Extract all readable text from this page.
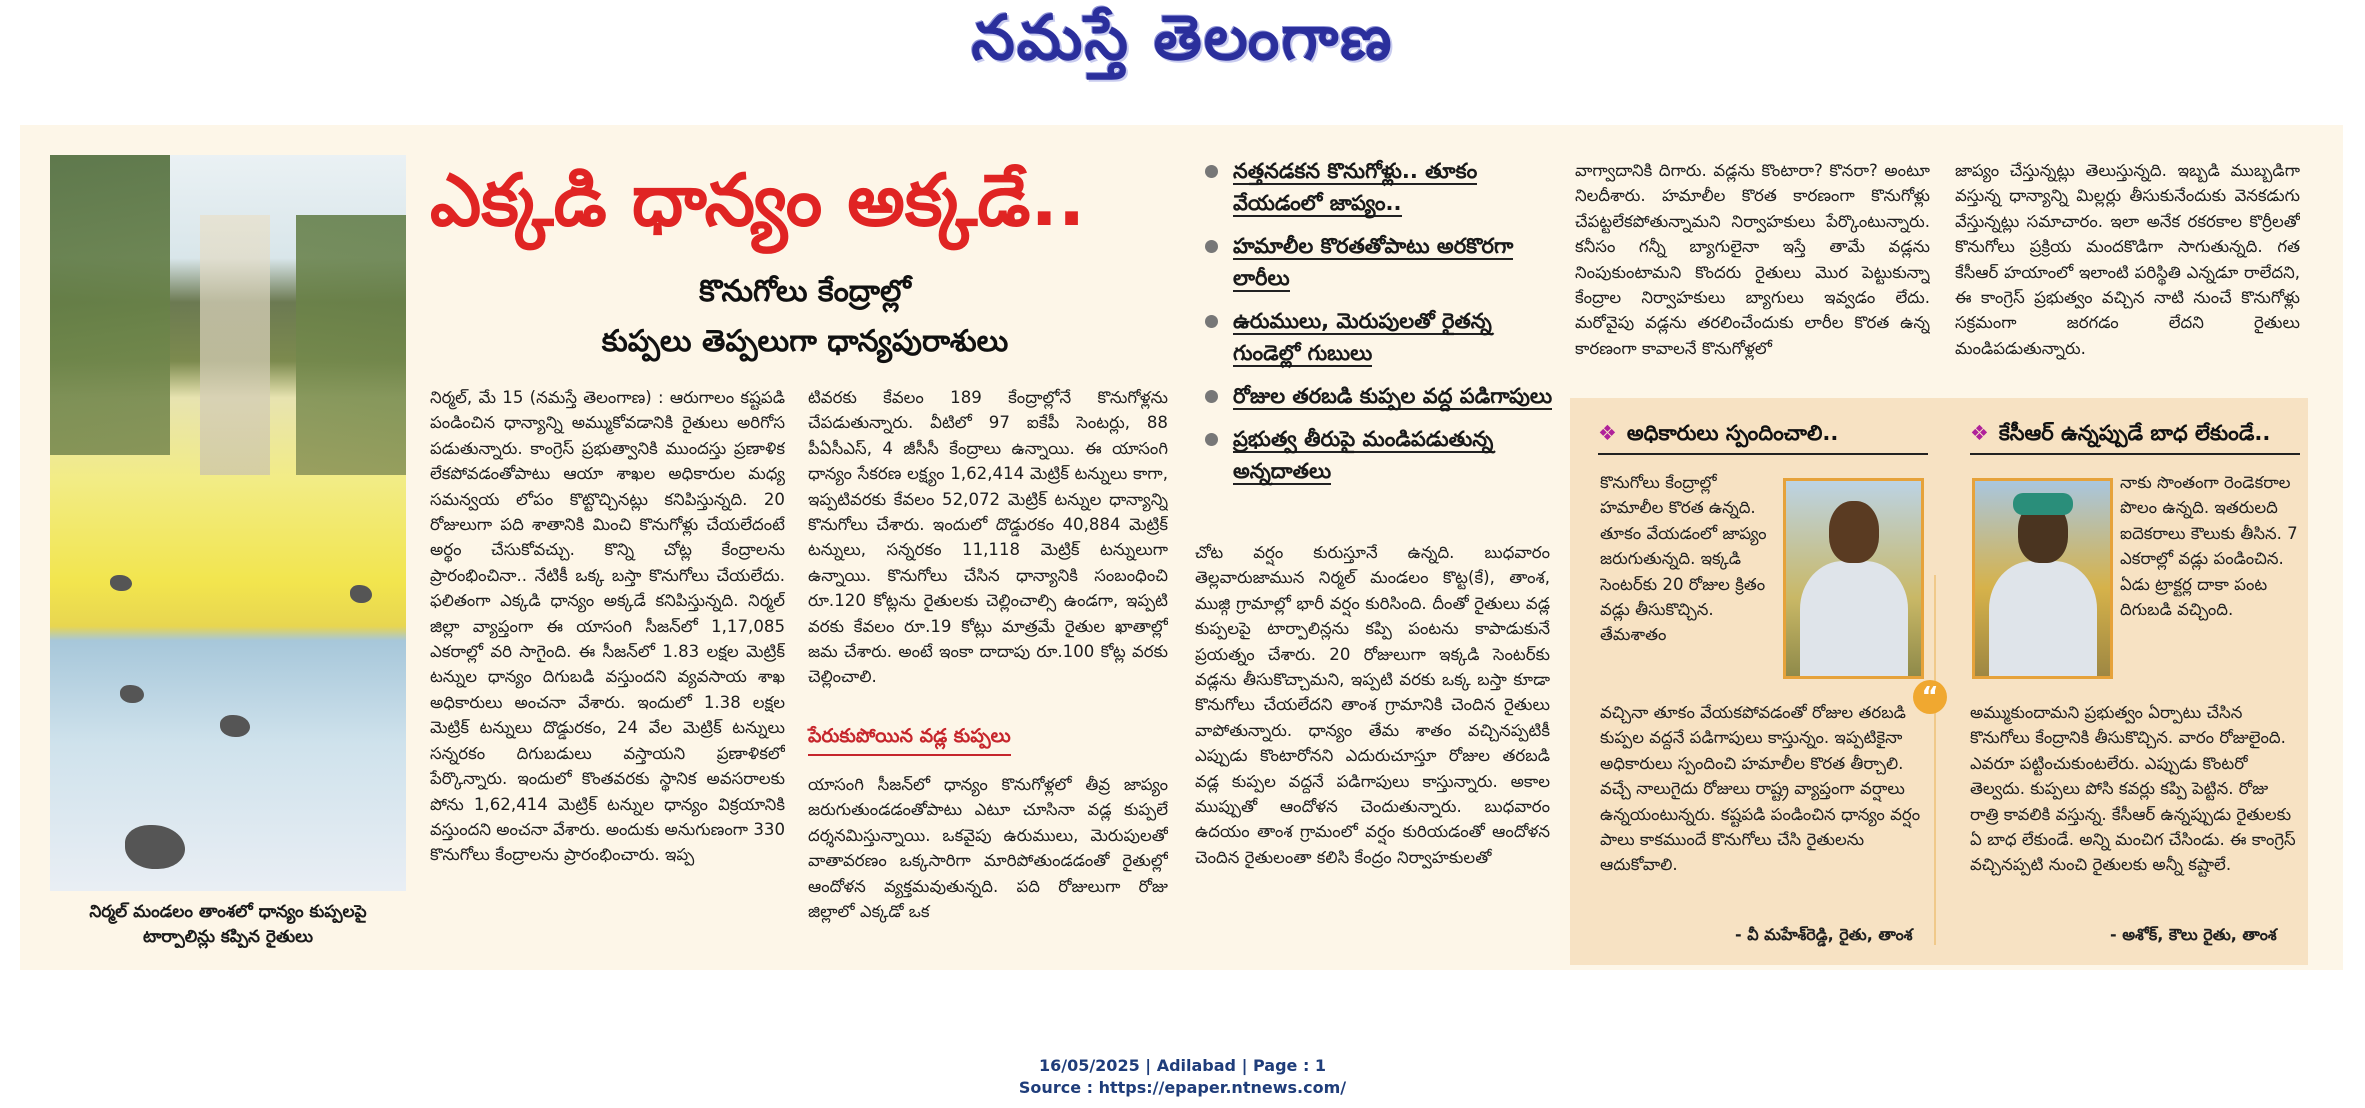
నమస్తే తెలంగాణ
నిర్మల్ మండలం తాంశలో ధాన్యం కుప్పలపై
టార్పాలిన్లు కప్పిన రైతులు
ఎక్కడి ధాన్యం అక్కడే..
కొనుగోలు కేంద్రాల్లో
కుప్పలు తెప్పలుగా ధాన్యపురాశులు

నిర్మల్, మే 15 (నమస్తే తెలంగాణ) : ఆరుగాలం కష్టపడి పండించిన ధాన్యాన్ని అమ్ముకోవడానికి రైతులు అరిగోస పడుతున్నారు. కాంగ్రెస్ ప్రభుత్వానికి ముందస్తు ప్రణాళిక లేకపోవడంతోపాటు ఆయా శాఖల అధికారుల మధ్య సమన్వయ లోపం కొట్టొచ్చినట్లు కనిపిస్తున్నది. 20 రోజులుగా పది శాతానికి మించి కొనుగోళ్లు చేయలేదంటే అర్థం చేసుకోవచ్చు. కొన్ని చోట్ల కేంద్రాలను ప్రారంభించినా.. నేటికీ ఒక్క బస్తా కొనుగోలు చేయలేదు. ఫలితంగా ఎక్కడి ధాన్యం అక్కడే కనిపిస్తున్నది. నిర్మల్ జిల్లా వ్యాప్తంగా ఈ యాసంగి సీజన్‌లో 1,17,085 ఎకరాల్లో వరి సాగైంది. ఈ సీజన్‌లో 1.83 లక్షల మెట్రిక్ టన్నుల ధాన్యం దిగుబడి వస్తుందని వ్యవసాయ శాఖ అధికారులు అంచనా వేశారు. ఇందులో 1.38 లక్షల మెట్రిక్ టన్నులు దొడ్డురకం, 24 వేల మెట్రిక్ టన్నులు సన్నరకం దిగుబడులు వస్తాయని ప్రణాళికలో పేర్కొన్నారు. ఇందులో కొంతవరకు స్థానిక అవసరాలకు పోను 1,62,414 మెట్రిక్ టన్నుల ధాన్యం విక్రయానికి వస్తుందని అంచనా వేశారు. అందుకు అనుగుణంగా 330 కొనుగోలు కేంద్రాలను ప్రారంభించారు. ఇప్ప

టివరకు కేవలం 189 కేంద్రాల్లోనే కొనుగోళ్లను చేపడుతున్నారు. వీటిలో 97 ఐకేపీ సెంటర్లు, 88 పీఏసీఎస్, 4 జీసీసీ కేంద్రాలు ఉన్నాయి. ఈ యాసంగి ధాన్యం సేకరణ లక్ష్యం 1,62,414 మెట్రిక్ టన్నులు కాగా, ఇప్పటివరకు కేవలం 52,072 మెట్రిక్ టన్నుల ధాన్యాన్ని కొనుగోలు చేశారు. ఇందులో దొడ్డురకం 40,884 మెట్రిక్ టన్నులు, సన్నరకం 11,118 మెట్రిక్ టన్నులుగా ఉన్నాయి. కొనుగోలు చేసిన ధాన్యానికి సంబంధించి రూ.120 కోట్లను రైతులకు చెల్లించాల్సి ఉండగా, ఇప్పటి వరకు కేవలం రూ.19 కోట్లు మాత్రమే రైతుల ఖాతాల్లో జమ చేశారు. అంటే ఇంకా దాదాపు రూ.100 కోట్ల వరకు చెల్లించాలి.

పేరుకుపోయిన వడ్ల కుప్పలు

యాసంగి సీజన్‌లో ధాన్యం కొనుగోళ్లలో తీవ్ర జాప్యం జరుగుతుండడంతోపాటు ఎటూ చూసినా వడ్ల కుప్పలే దర్శనమిస్తున్నాయి. ఒకవైపు ఉరుములు, మెరుపులతో వాతావరణం ఒక్కసారిగా మారిపోతుండడంతో రైతుల్లో ఆందోళన వ్యక్తమవుతున్నది. పది రోజులుగా రోజు జిల్లాలో ఎక్కడో ఒక

నత్తనడకన కొనుగోళ్లు.. తూకం వేయడంలో జాప్యం..
హమాలీల కొరతతోపాటు అరకొరగా లారీలు
ఉరుములు, మెరుపులతో రైతన్న గుండెల్లో గుబులు
రోజుల తరబడి కుప్పల వద్ద పడిగాపులు
ప్రభుత్వ తీరుపై మండిపడుతున్న అన్నదాతలు

చోట వర్షం కురుస్తూనే ఉన్నది. బుధవారం తెల్లవారుజామున నిర్మల్ మండలం కొట్ట(కే), తాంశ, ముజ్గి గ్రామాల్లో భారీ వర్షం కురిసింది. దీంతో రైతులు వడ్ల కుప్పలపై టార్పాలిన్లను కప్పి పంటను కాపాడుకునే ప్రయత్నం చేశారు. 20 రోజులుగా ఇక్కడి సెంటర్‌కు వడ్లను తీసుకొచ్చామని, ఇప్పటి వరకు ఒక్క బస్తా కూడా కొనుగోలు చేయలేదని తాంశ గ్రామానికి చెందిన రైతులు వాపోతున్నారు. ధాన్యం తేమ శాతం వచ్చినప్పటికీ ఎప్పుడు కొంటారోనని ఎదురుచూస్తూ రోజుల తరబడి వడ్ల కుప్పల వద్దనే పడిగాపులు కాస్తున్నారు. అకాల ముప్పుతో ఆందోళన చెందుతున్నారు. బుధవారం ఉదయం తాంశ గ్రామంలో వర్షం కురియడంతో ఆందోళన చెందిన రైతులంతా కలిసి కేంద్రం నిర్వాహకులతో

వాగ్వాదానికి దిగారు. వడ్లను కొంటారా? కొనరా? అంటూ నిలదీశారు. హమాలీల కొరత కారణంగా కొనుగోళ్లు చేపట్టలేకపోతున్నామని నిర్వాహకులు పేర్కొంటున్నారు. కనీసం గన్నీ బ్యాగులైనా ఇస్తే తామే వడ్లను నింపుకుంటామని కొందరు రైతులు మొర పెట్టుకున్నా కేంద్రాల నిర్వాహకులు బ్యాగులు ఇవ్వడం లేదు. మరోవైపు వడ్లను తరలించేందుకు లారీల కొరత ఉన్న కారణంగా కావాలనే కొనుగోళ్లలో

జాప్యం చేస్తున్నట్లు తెలుస్తున్నది. ఇబ్బడి ముబ్బడిగా వస్తున్న ధాన్యాన్ని మిల్లర్లు తీసుకునేందుకు వెనకడుగు వేస్తున్నట్లు సమాచారం. ఇలా అనేక రకరకాల కొర్రీలతో కొనుగోలు ప్రక్రియ మందకొడిగా సాగుతున్నది. గత కేసీఆర్ హయాంలో ఇలాంటి పరిస్థితి ఎన్నడూ రాలేదని, ఈ కాంగ్రెస్ ప్రభుత్వం వచ్చిన నాటి నుంచే కొనుగోళ్లు సక్రమంగా జరగడం లేదని రైతులు మండిపడుతున్నారు.

❖ అధికారులు స్పందించాలి..	❖ కేసీఆర్ ఉన్నప్పుడే బాధ లేకుండే..
కొనుగోలు కేంద్రాల్లో హమాలీల కొరత ఉన్నది. తూకం వేయడంలో జాప్యం జరుగుతున్నది. ఇక్కడి సెంటర్‌కు 20 రోజుల క్రితం వడ్లు తీసుకొచ్చిన. తేమశాతం
వచ్చినా తూకం వేయకపోవడంతో రోజుల తరబడి కుప్పల వద్దనే పడిగాపులు కాస్తున్నం. ఇప్పటికైనా అధికారులు స్పందించి హమాలీల కొరత తీర్చాలి. వచ్చే నాలుగైదు రోజులు రాష్ట్ర వ్యాప్తంగా వర్షాలు ఉన్నయంటున్నరు. కష్టపడి పండించిన ధాన్యం వర్షం పాలు కాకముందే కొనుగోలు చేసి రైతులను ఆదుకోవాలి.
- వీ మహేశ్‌రెడ్డి, రైతు, తాంశ
“
నాకు సొంతంగా రెండెకరాల పొలం ఉన్నది. ఇతరులది ఐదెకరాలు కౌలుకు తీసిన. 7 ఎకరాల్లో వడ్లు పండించిన. ఏడు ట్రాక్టర్ల దాకా పంట దిగుబడి వచ్చింది.
అమ్ముకుందామని ప్రభుత్వం ఏర్పాటు చేసిన కొనుగోలు కేంద్రానికి తీసుకొచ్చిన. వారం రోజులైంది. ఎవరూ పట్టించుకుంటలేరు. ఎప్పుడు కొంటరో తెల్వదు. కుప్పలు పోసి కవర్లు కప్పి పెట్టిన. రోజు రాత్రి కావలికి వస్తున్న. కేసీఆర్ ఉన్నప్పుడు రైతులకు ఏ బాధ లేకుండే. అన్ని మంచిగ చేసిండు. ఈ కాంగ్రెస్ వచ్చినప్పటి నుంచి రైతులకు అన్నీ కష్టాలే.
- అశోక్, కౌలు రైతు, తాంశ
16/05/2025 | Adilabad | Page : 1
Source : https://epaper.ntnews.com/
